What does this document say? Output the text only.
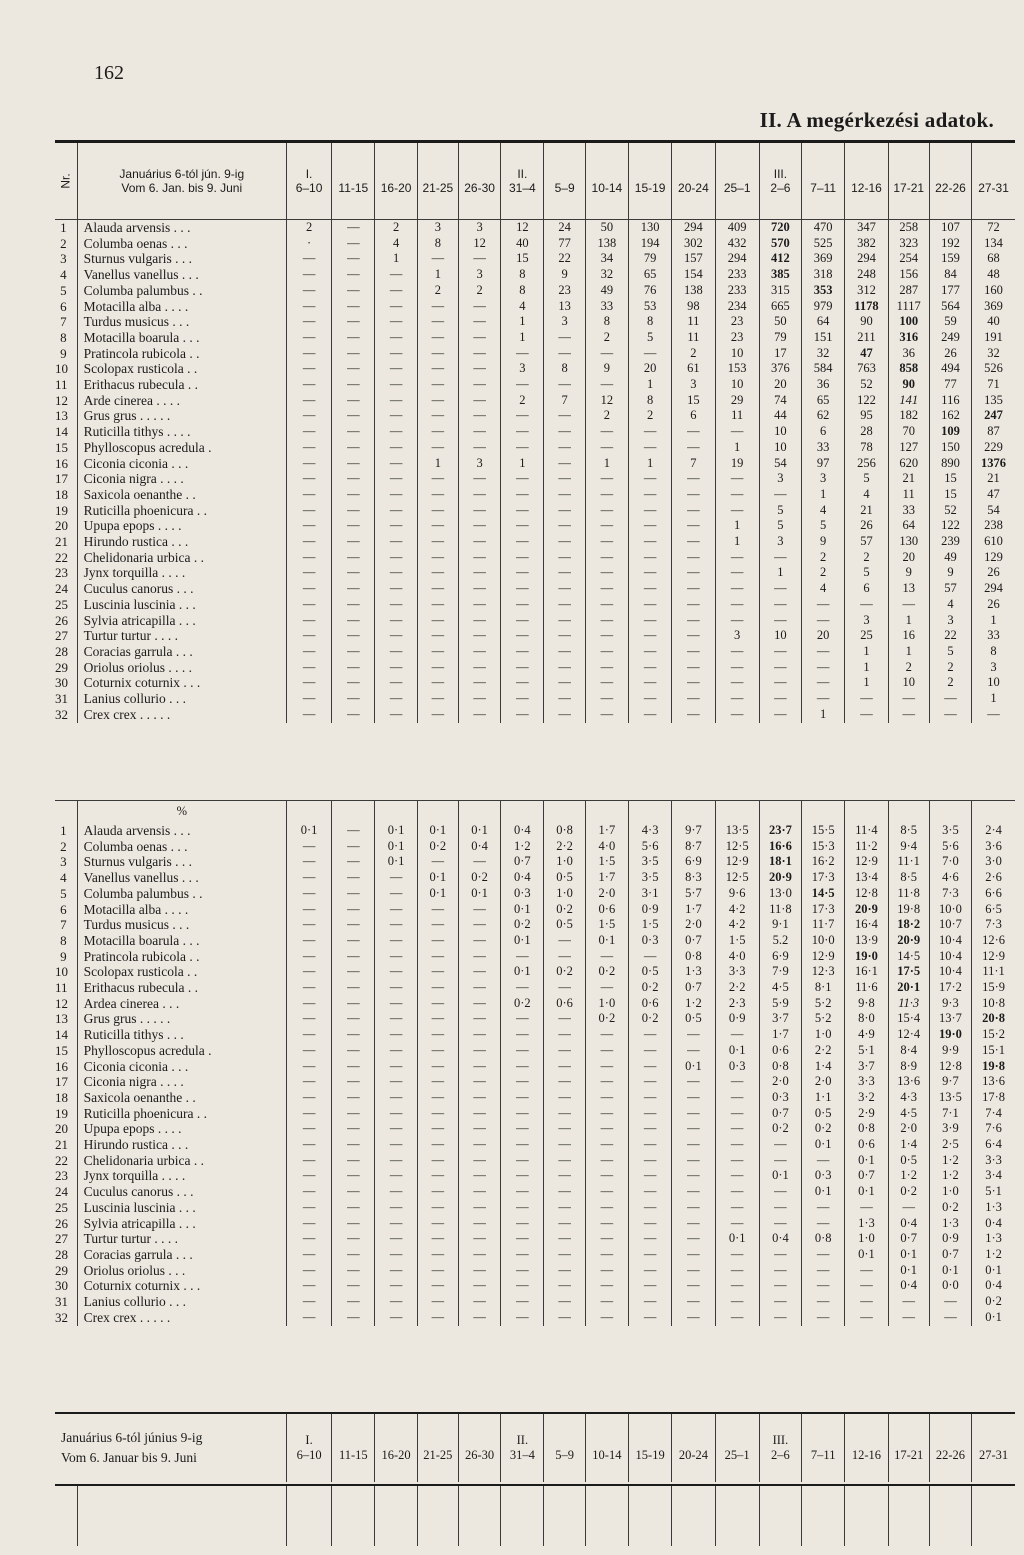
162
II. A megérkezési adatok.
Nr.	Januárius 6-tól jún. 9-ig
Vom 6. Jan. bis 9. Juni

I.
6–10	11-15	16-20	21-25	26-30

II.
31–4	5–9	10-14	15-19	20-24	25–1

III.
2–6	7–11	12-16	17-21	22-26	27-31
1	Alauda arvensis . . .	2	—	2	3	3	12	24	50	130	294	409	720	470	347	258	107	72
2	Columba oenas . . .	·	—	4	8	12	40	77	138	194	302	432	570	525	382	323	192	134
3	Sturnus vulgaris . . .	—	—	1	—	—	15	22	34	79	157	294	412	369	294	254	159	68
4	Vanellus vanellus . . .	—	—	—	1	3	8	9	32	65	154	233	385	318	248	156	84	48
5	Columba palumbus . .	—	—	—	2	2	8	23	49	76	138	233	315	353	312	287	177	160
6	Motacilla alba . . . .	—	—	—	—	—	4	13	33	53	98	234	665	979	1178	1117	564	369
7	Turdus musicus . . .	—	—	—	—	—	1	3	8	8	11	23	50	64	90	100	59	40
8	Motacilla boarula . . .	—	—	—	—	—	1	—	2	5	11	23	79	151	211	316	249	191
9	Pratincola rubicola . .	—	—	—	—	—	—	—	—	—	2	10	17	32	47	36	26	32
10	Scolopax rusticola . .	—	—	—	—	—	3	8	9	20	61	153	376	584	763	858	494	526
11	Erithacus rubecula . .	—	—	—	—	—	—	—	—	1	3	10	20	36	52	90	77	71
12	Arde cinerea . . . .	—	—	—	—	—	2	7	12	8	15	29	74	65	122	141	116	135
13	Grus grus . . . . .	—	—	—	—	—	—	—	2	2	6	11	44	62	95	182	162	247
14	Ruticilla tithys . . . .	—	—	—	—	—	—	—	—	—	—	—	10	6	28	70	109	87
15	Phylloscopus acredula .	—	—	—	—	—	—	—	—	—	—	1	10	33	78	127	150	229
16	Ciconia ciconia . . .	—	—	—	1	3	1	—	1	1	7	19	54	97	256	620	890	1376
17	Ciconia nigra . . . .	—	—	—	—	—	—	—	—	—	—	—	3	3	5	21	15	21
18	Saxicola oenanthe . .	—	—	—	—	—	—	—	—	—	—	—	—	1	4	11	15	47
19	Ruticilla phoenicura . .	—	—	—	—	—	—	—	—	—	—	—	5	4	21	33	52	54
20	Upupa epops . . . .	—	—	—	—	—	—	—	—	—	—	1	5	5	26	64	122	238
21	Hirundo rustica . . .	—	—	—	—	—	—	—	—	—	—	1	3	9	57	130	239	610
22	Chelidonaria urbica . .	—	—	—	—	—	—	—	—	—	—	—	—	2	2	20	49	129
23	Jynx torquilla . . . .	—	—	—	—	—	—	—	—	—	—	—	1	2	5	9	9	26
24	Cuculus canorus . . .	—	—	—	—	—	—	—	—	—	—	—	—	4	6	13	57	294
25	Luscinia luscinia . . .	—	—	—	—	—	—	—	—	—	—	—	—	—	—	—	4	26
26	Sylvia atricapilla . . .	—	—	—	—	—	—	—	—	—	—	—	—	—	3	1	3	1
27	Turtur turtur . . . .	—	—	—	—	—	—	—	—	—	—	3	10	20	25	16	22	33
28	Coracias garrula . . .	—	—	—	—	—	—	—	—	—	—	—	—	—	1	1	5	8
29	Oriolus oriolus . . . .	—	—	—	—	—	—	—	—	—	—	—	—	—	1	2	2	3
30	Coturnix coturnix . . .	—	—	—	—	—	—	—	—	—	—	—	—	—	1	10	2	10
31	Lanius collurio . . .	—	—	—	—	—	—	—	—	—	—	—	—	—	—	—	—	1
32	Crex crex . . . . .	—	—	—	—	—	—	—	—	—	—	—	—	1	—	—	—	—
	%																	
1	Alauda arvensis . . .	0·1	—	0·1	0·1	0·1	0·4	0·8	1·7	4·3	9·7	13·5	23·7	15·5	11·4	8·5	3·5	2·4
2	Columba oenas . . .	—	—	0·1	0·2	0·4	1·2	2·2	4·0	5·6	8·7	12·5	16·6	15·3	11·2	9·4	5·6	3·6
3	Sturnus vulgaris . . .	—	—	0·1	—	—	0·7	1·0	1·5	3·5	6·9	12·9	18·1	16·2	12·9	11·1	7·0	3·0
4	Vanellus vanellus . . .	—	—	—	0·1	0·2	0·4	0·5	1·7	3·5	8·3	12·5	20·9	17·3	13·4	8·5	4·6	2·6
5	Columba palumbus . .	—	—	—	0·1	0·1	0·3	1·0	2·0	3·1	5·7	9·6	13·0	14·5	12·8	11·8	7·3	6·6
6	Motacilla alba . . . .	—	—	—	—	—	0·1	0·2	0·6	0·9	1·7	4·2	11·8	17·3	20·9	19·8	10·0	6·5
7	Turdus musicus . . .	—	—	—	—	—	0·2	0·5	1·5	1·5	2·0	4·2	9·1	11·7	16·4	18·2	10·7	7·3
8	Motacilla boarula . . .	—	—	—	—	—	0·1	—	0·1	0·3	0·7	1·5	5.2	10·0	13·9	20·9	10·4	12·6
9	Pratincola rubicola . .	—	—	—	—	—	—	—	—	—	0·8	4·0	6·9	12·9	19·0	14·5	10·4	12·9
10	Scolopax rusticola . .	—	—	—	—	—	0·1	0·2	0·2	0·5	1·3	3·3	7·9	12·3	16·1	17·5	10·4	11·1
11	Erithacus rubecula . .	—	—	—	—	—	—	—	—	0·2	0·7	2·2	4·5	8·1	11·6	20·1	17·2	15·9
12	Ardea cinerea . . .	—	—	—	—	—	0·2	0·6	1·0	0·6	1·2	2·3	5·9	5·2	9·8	11·3	9·3	10·8
13	Grus grus . . . . .	—	—	—	—	—	—	—	0·2	0·2	0·5	0·9	3·7	5·2	8·0	15·4	13·7	20·8
14	Ruticilla tithys . . .	—	—	—	—	—	—	—	—	—	—	—	1·7	1·0	4·9	12·4	19·0	15·2
15	Phylloscopus acredula .	—	—	—	—	—	—	—	—	—	—	0·1	0·6	2·2	5·1	8·4	9·9	15·1
16	Ciconia ciconia . . .	—	—	—	—	—	—	—	—	—	0·1	0·3	0·8	1·4	3·7	8·9	12·8	19·8
17	Ciconia nigra . . . .	—	—	—	—	—	—	—	—	—	—	—	2·0	2·0	3·3	13·6	9·7	13·6
18	Saxicola oenanthe . .	—	—	—	—	—	—	—	—	—	—	—	0·3	1·1	3·2	4·3	13·5	17·8
19	Ruticilla phoenicura . .	—	—	—	—	—	—	—	—	—	—	—	0·7	0·5	2·9	4·5	7·1	7·4
20	Upupa epops . . . .	—	—	—	—	—	—	—	—	—	—	—	0·2	0·2	0·8	2·0	3·9	7·6
21	Hirundo rustica . . .	—	—	—	—	—	—	—	—	—	—	—	—	0·1	0·6	1·4	2·5	6·4
22	Chelidonaria urbica . .	—	—	—	—	—	—	—	—	—	—	—	—	—	0·1	0·5	1·2	3·3
23	Jynx torquilla . . . .	—	—	—	—	—	—	—	—	—	—	—	0·1	0·3	0·7	1·2	1·2	3·4
24	Cuculus canorus . . .	—	—	—	—	—	—	—	—	—	—	—	—	0·1	0·1	0·2	1·0	5·1
25	Luscinia luscinia . . .	—	—	—	—	—	—	—	—	—	—	—	—	—	—	—	0·2	1·3
26	Sylvia atricapilla . . .	—	—	—	—	—	—	—	—	—	—	—	—	—	1·3	0·4	1·3	0·4
27	Turtur turtur . . . .	—	—	—	—	—	—	—	—	—	—	0·1	0·4	0·8	1·0	0·7	0·9	1·3
28	Coracias garrula . . .	—	—	—	—	—	—	—	—	—	—	—	—	—	0·1	0·1	0·7	1·2
29	Oriolus oriolus . . .	—	—	—	—	—	—	—	—	—	—	—	—	—	—	0·1	0·1	0·1
30	Coturnix coturnix . . .	—	—	—	—	—	—	—	—	—	—	—	—	—	—	0·4	0·0	0·4
31	Lanius collurio . . .	—	—	—	—	—	—	—	—	—	—	—	—	—	—	—	—	0·2
32	Crex crex . . . . .	—	—	—	—	—	—	—	—	—	—	—	—	—	—	—	—	0·1
Januárius 6-tól június 9-ig
Vom 6. Januar bis 9. Juni

I.
6–10	11-15	16-20	21-25	26-30

II.
31–4	5–9	10-14	15-19	20-24	25–1

III.
2–6	7–11	12-16	17-21	22-26	27-31
